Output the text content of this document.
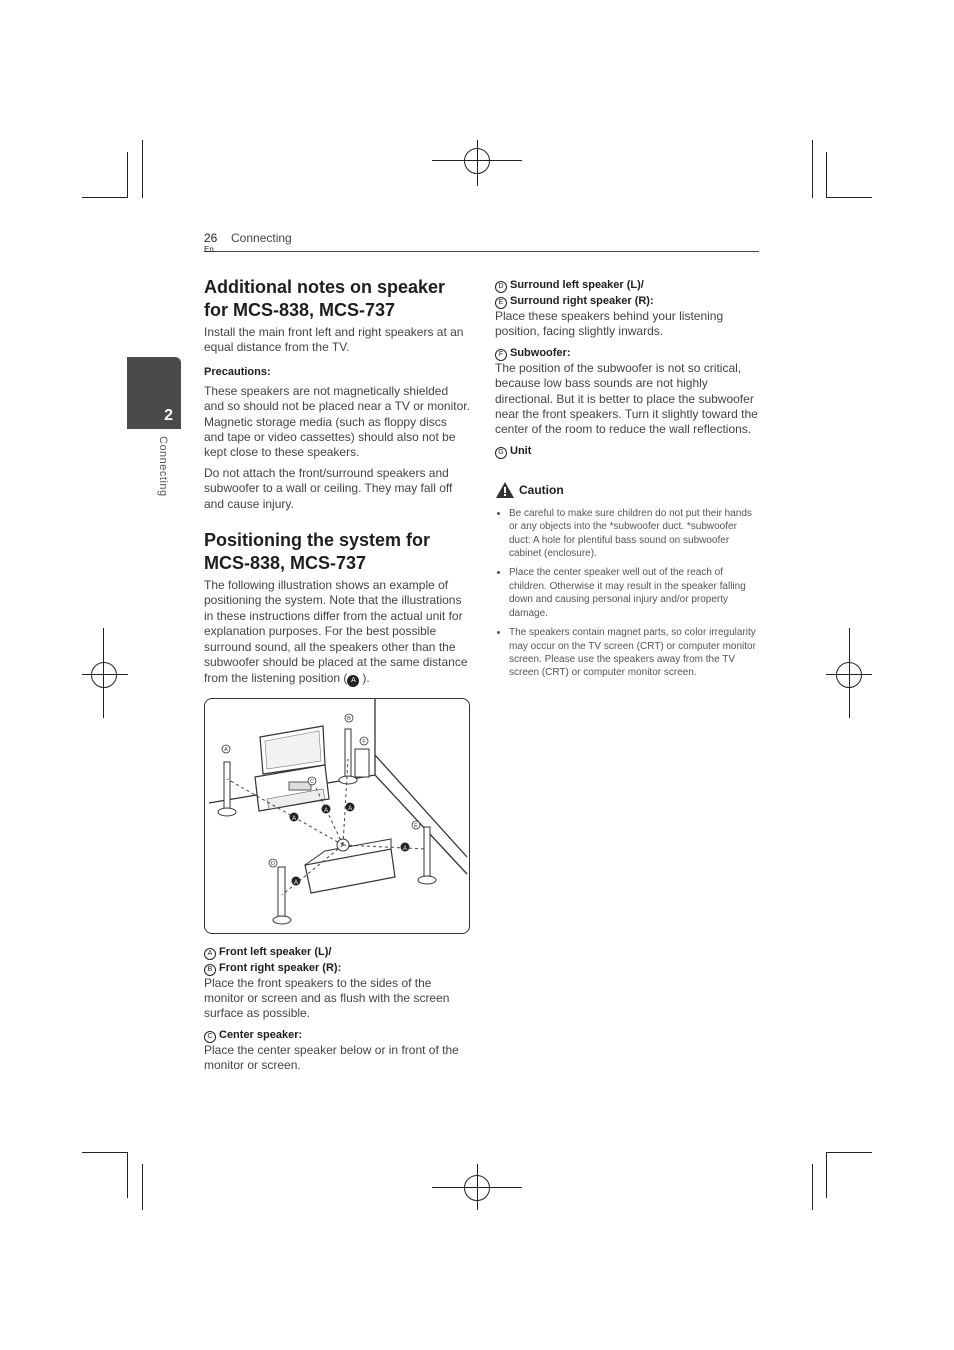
26
En
Connecting
2
Connecting
Additional notes on speaker for MCS-838, MCS-737

Install the main front left and right speakers at an equal distance from the TV.

Precautions:

These speakers are not magnetically shielded and so should not be placed near a TV or monitor. Magnetic storage media (such as floppy discs and tape or video cassettes) should also not be kept close to these speakers.

Do not attach the front/surround speakers and subwoofer to a wall or ceiling. They may fall off and cause injury.

Positioning the system for MCS-838, MCS-737

The following illustration shows an example of positioning the system. Note that the illustrations in these instructions differ from the actual unit for explanation purposes. For the best possible surround sound, all the speakers other than the subwoofer should be placed at the same distance from the listening position ( A ).

A
A	A
A
A
A
B
F
E
D
C
A Front left speaker (L)/
B Front right speaker (R):

Place the front speakers to the sides of the monitor or screen and as flush with the screen surface as possible.

C Center speaker:

Place the center speaker below or in front of the monitor or screen.

D Surround left speaker (L)/
E Surround right speaker (R):

Place these speakers behind your listening position, facing slightly inwards.

F Subwoofer:

The position of the subwoofer is not so critical, because low bass sounds are not highly directional. But it is better to place the subwoofer near the front speakers. Turn it slightly toward the center of the room to reduce the wall reflections.

G Unit
Caution
• Be careful to make sure children do not put their hands or any objects into the *subwoofer duct. *subwoofer duct: A hole for plentiful bass sound on subwoofer cabinet (enclosure).
• Place the center speaker well out of the reach of children. Otherwise it may result in the speaker falling down and causing personal injury and/or property damage.
• The speakers contain magnet parts, so color irregularity may occur on the TV screen (CRT) or computer monitor screen. Please use the speakers away from the TV screen (CRT) or computer monitor screen.
